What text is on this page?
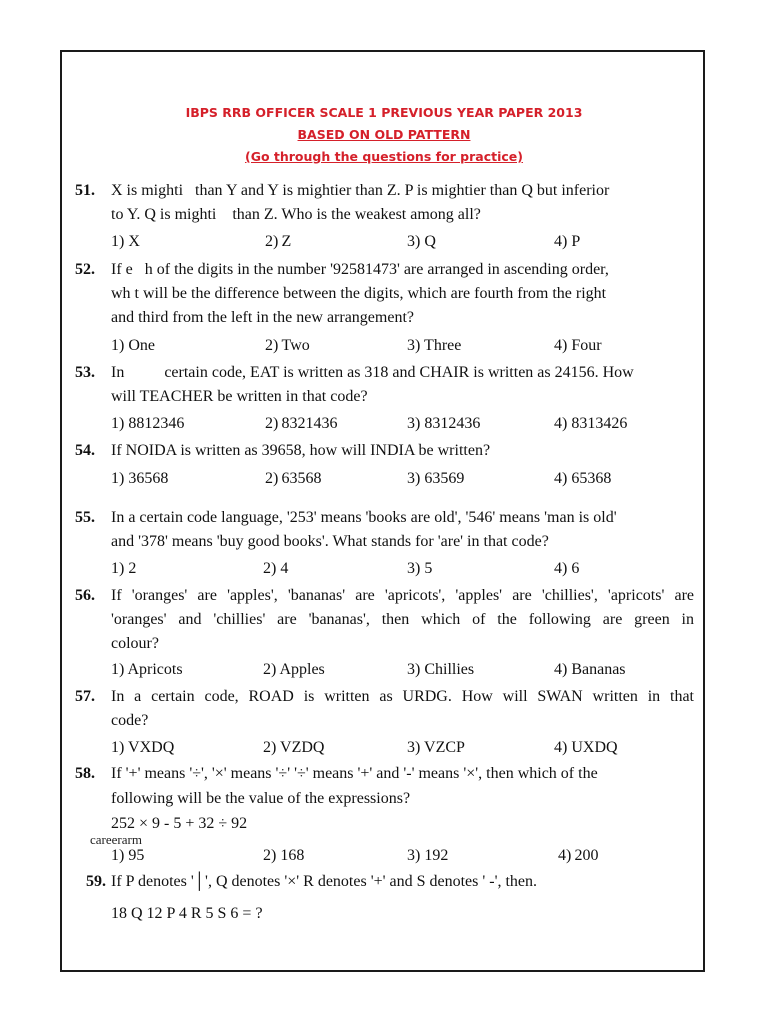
IBPS RRB OFFICER SCALE 1 PREVIOUS YEAR PAPER 2013
BASED ON OLD PATTERN
(Go through the questions for practice)
51. X is mighti   than Y and Y is mightier than Z. P is mightier than Q but inferior
to Y. Q is mighti    than Z. Who is the weakest among all?
1) X	2) Z	3) Q	4) P
52. If e   h of the digits in the number '92581473' are arranged in ascending order,
wh t will be the difference between the digits, which are fourth from the right
and third from the left in the new arrangement?
1) One	2) Two	3) Three	4) Four
53. In          certain code, EAT is written as 318 and CHAIR is written as 24156. How
will TEACHER be written in that code?
1) 8812346	2) 8321436	3) 8312436	4) 8313426
54. If NOIDA is written as 39658, how will INDIA be written?
1) 36568	2) 63568	3) 63569	4) 65368
55. In a certain code language, '253' means 'books are old', '546' means 'man is old'
and '378' means 'buy good books'. What stands for 'are' in that code?
1) 2	2) 4	3) 5	4) 6
56. If 'oranges' are 'apples', 'bananas' are 'apricots', 'apples' are 'chillies', 'apricots' are
'oranges' and 'chillies' are 'bananas', then which of the following are green in
colour?
1) Apricots	2) Apples	3) Chillies	4) Bananas
57. In a certain code, ROAD is written as URDG. How will SWAN written in that
code?
1) VXDQ	2) VZDQ	3) VZCP	4) UXDQ
58. If '+' means '÷', '×' means '÷' '÷' means '+' and '-' means '×', then which of the
following will be the value of the expressions?
252 × 9 - 5 + 32 ÷ 92
1) 95	2) 168	3) 192	4) 200
careerarm
59. If P denotes '│', Q denotes '×' R denotes '+' and S denotes ' -', then.
18 Q 12 P 4 R 5 S 6 = ?
